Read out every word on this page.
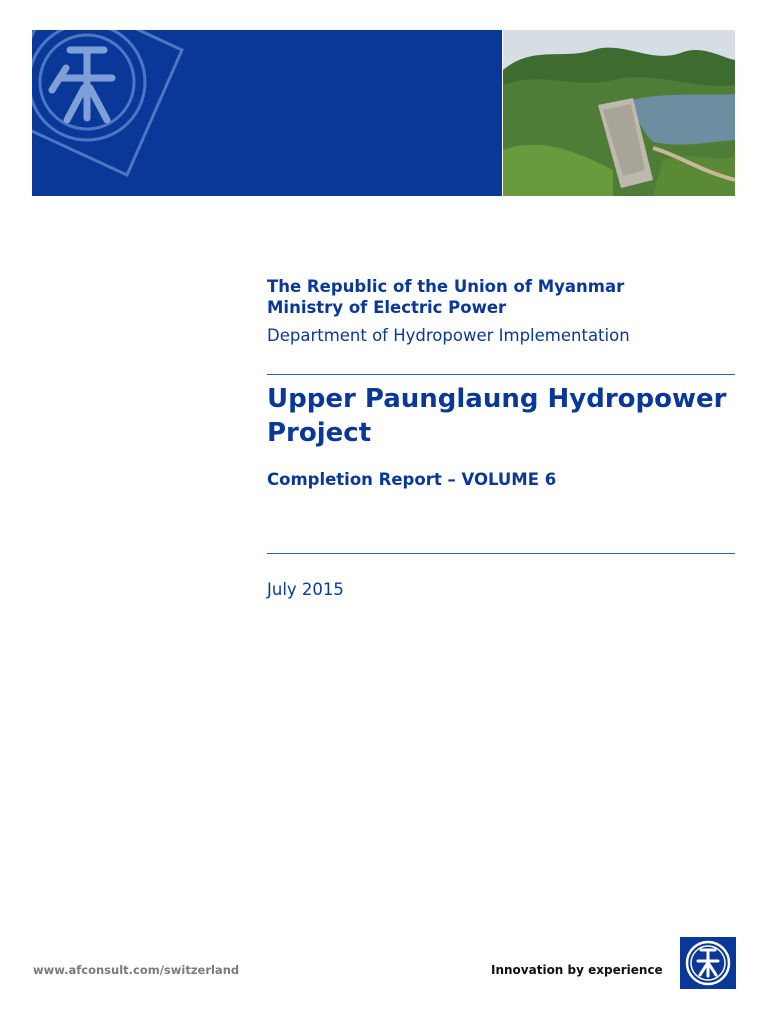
The Republic of the Union of Myanmar
Ministry of Electric Power
Department of Hydropower Implementation
Upper Paunglaung Hydropower Project
Completion Report – VOLUME 6
July 2015
www.afconsult.com/switzerland	Innovation by experience
